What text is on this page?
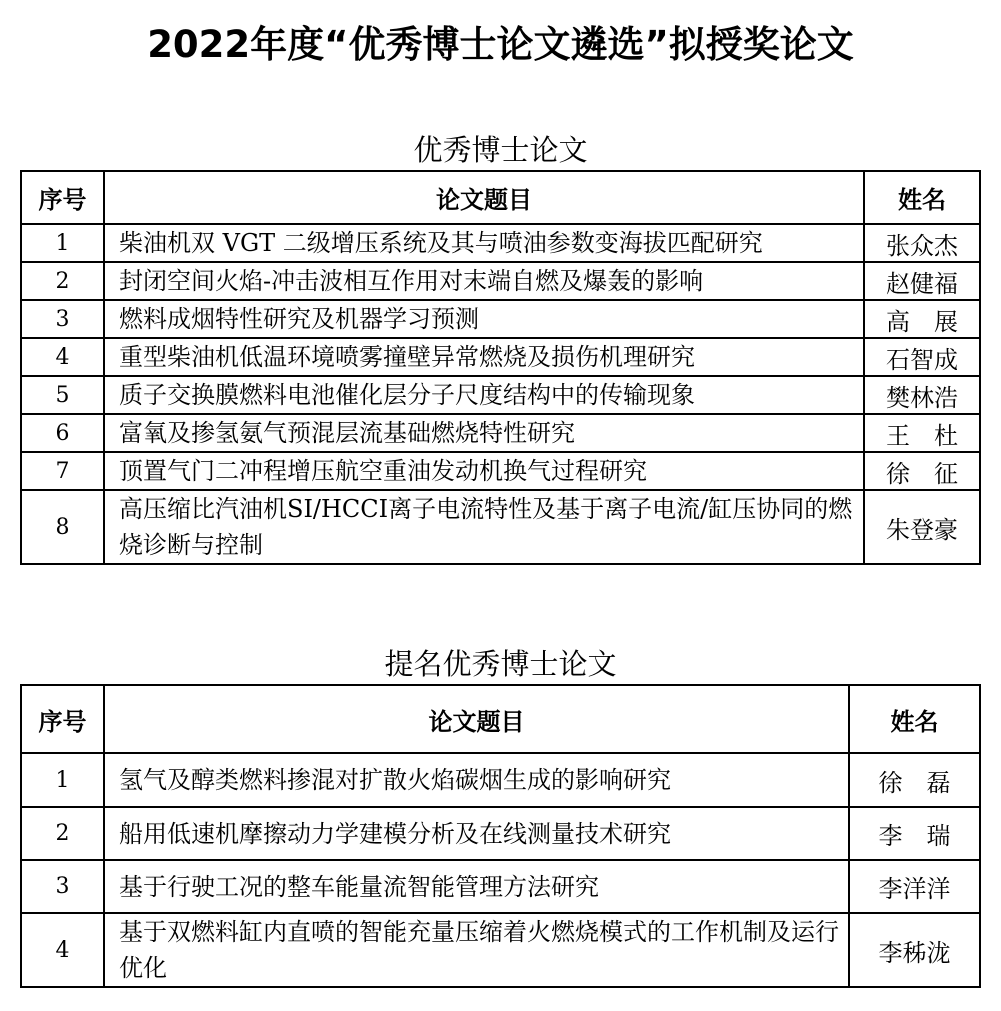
2022年度“优秀博士论文遴选”拟授奖论文
优秀博士论文
序号	论文题目	姓名
1	柴油机双 VGT 二级增压系统及其与喷油参数变海拔匹配研究	张众杰
2	封闭空间火焰-冲击波相互作用对末端自燃及爆轰的影响	赵健福
3	燃料成烟特性研究及机器学习预测	高　展
4	重型柴油机低温环境喷雾撞壁异常燃烧及损伤机理研究	石智成
5	质子交换膜燃料电池催化层分子尺度结构中的传输现象	樊林浩
6	富氧及掺氢氨气预混层流基础燃烧特性研究	王　杜
7	顶置气门二冲程增压航空重油发动机换气过程研究	徐　征
8	高压缩比汽油机SI/HCCI离子电流特性及基于离子电流/缸压协同的燃烧诊断与控制	朱登豪
提名优秀博士论文
序号	论文题目	姓名
1	氢气及醇类燃料掺混对扩散火焰碳烟生成的影响研究	徐　磊
2	船用低速机摩擦动力学建模分析及在线测量技术研究	李　瑞
3	基于行驶工况的整车能量流智能管理方法研究	李洋洋
4	基于双燃料缸内直喷的智能充量压缩着火燃烧模式的工作机制及运行优化	李秭泷
